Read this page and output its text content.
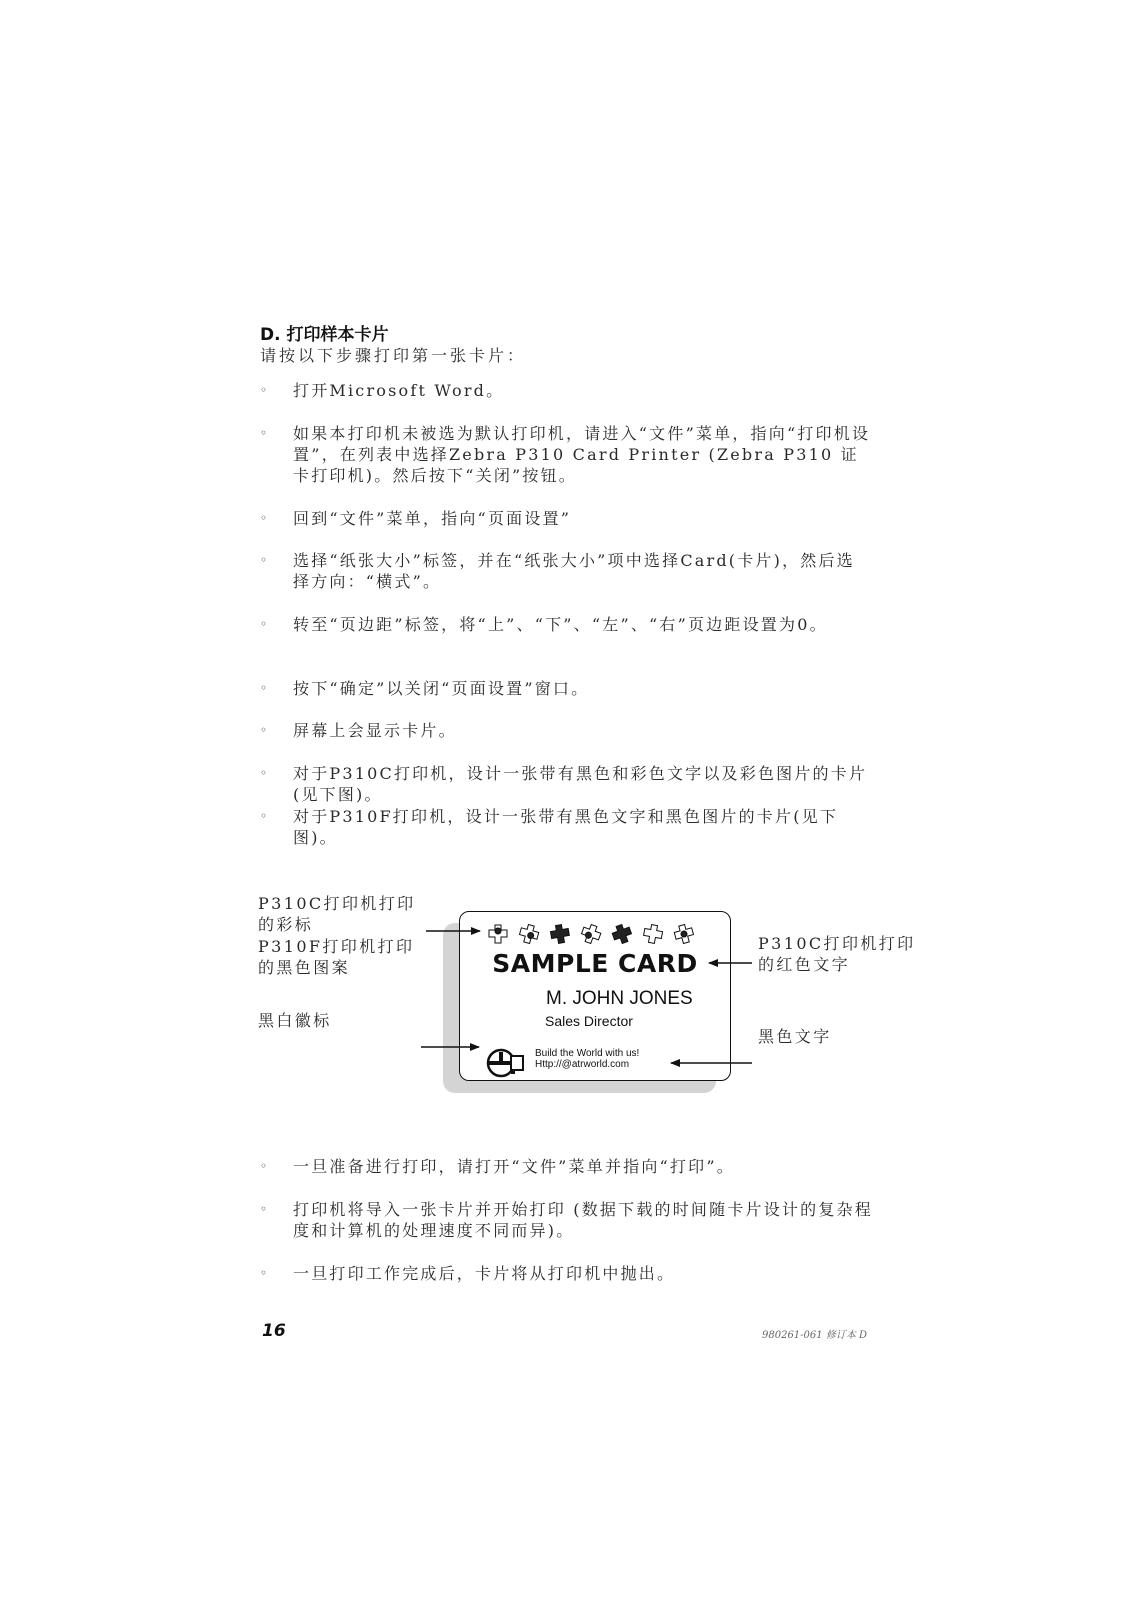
D. 打印样本卡片
请按以下步骤打印第一张卡片：
◦ 打开Microsoft Word。
◦ 如果本打印机未被选为默认打印机，请进入“文件”菜单，指向“打印机设置”，在列表中选择Zebra P310 Card Printer (Zebra P310 证卡打印机)。然后按下“关闭”按钮。
◦ 回到“文件”菜单，指向“页面设置”
◦ 选择“纸张大小”标签，并在“纸张大小”项中选择Card(卡片)，然后选择方向：“横式”。
◦ 转至“页边距”标签，将“上”、“下”、“左”、“右”页边距设置为0。
◦ 按下“确定”以关闭“页面设置”窗口。
◦ 屏幕上会显示卡片。
◦ 对于P310C打印机，设计一张带有黑色和彩色文字以及彩色图片的卡片(见下图)。
◦ 对于P310F打印机，设计一张带有黑色文字和黑色图片的卡片(见下图)。
P310C打印机打印的彩标
P310F打印机打印的黑色图案
黑白徽标
P310C打印机打印的红色文字
黑色文字
SAMPLE CARD
M. JOHN JONES
Sales Director
Build the World with us!
Http://@atrworld.com
◦ 一旦准备进行打印，请打开“文件”菜单并指向“打印”。
◦ 打印机将导入一张卡片并开始打印 (数据下载的时间随卡片设计的复杂程度和计算机的处理速度不同而异)。
◦ 一旦打印工作完成后，卡片将从打印机中抛出。
16	980261-061 修订本 D
